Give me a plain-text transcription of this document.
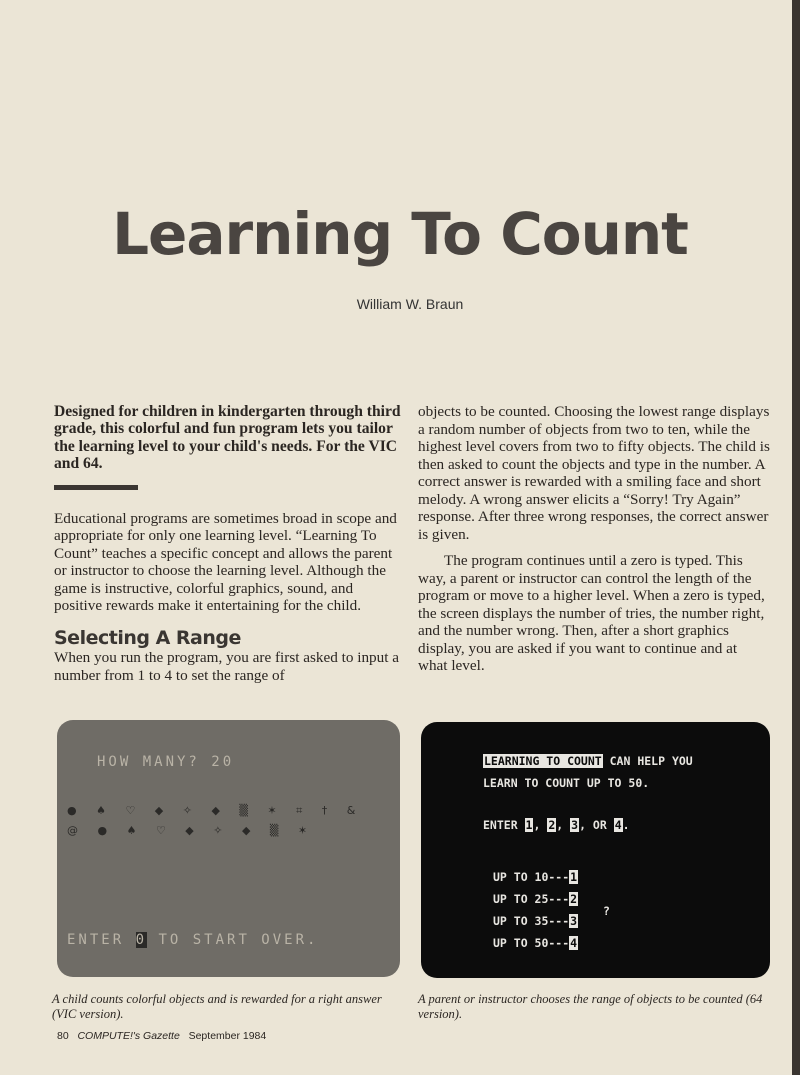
Learning To Count
William W. Braun

Designed for children in kindergarten through third grade, this colorful and fun program lets you tailor the learning level to your child's needs. For the VIC and 64.

Educational programs are sometimes broad in scope and appropriate for only one learning level. “Learning To Count” teaches a specific concept and allows the parent or instructor to choose the learning level. Although the game is instructive, colorful graphics, sound, and positive rewards make it entertaining for the child.

Selecting A Range

When you run the program, you are first asked to input a number from 1 to 4 to set the range of

objects to be counted. Choosing the lowest range displays a random number of objects from two to ten, while the highest level covers from two to fifty objects. The child is then asked to count the objects and type in the number. A correct answer is rewarded with a smiling face and short melody. A wrong answer elicits a “Sorry! Try Again” response. After three wrong responses, the correct answer is given.

The program continues until a zero is typed. This way, a parent or instructor can control the length of the program or move to a higher level. When a zero is typed, the screen displays the number of tries, the number right, and the number wrong. Then, after a short graphics display, you are asked if you want to continue and at what level.

HOW MANY? 20
● ♠ ♡ ◆ ✧ ◆ ▒ ✶ ⌗ † &
@ ● ♠ ♡ ◆ ✧ ◆ ▒ ✶
ENTER 0 TO START OVER.
LEARNING TO COUNT CAN HELP YOU
LEARN TO COUNT UP TO 50.
ENTER 1, 2, 3, OR 4.
UP TO 10---1
UP TO 25---2
UP TO 35---3
UP TO 50---4
?
A child counts colorful objects and is rewarded for a right answer (VIC version).
A parent or instructor chooses the range of objects to be counted (64 version).
80 COMPUTE!'s Gazette September 1984
